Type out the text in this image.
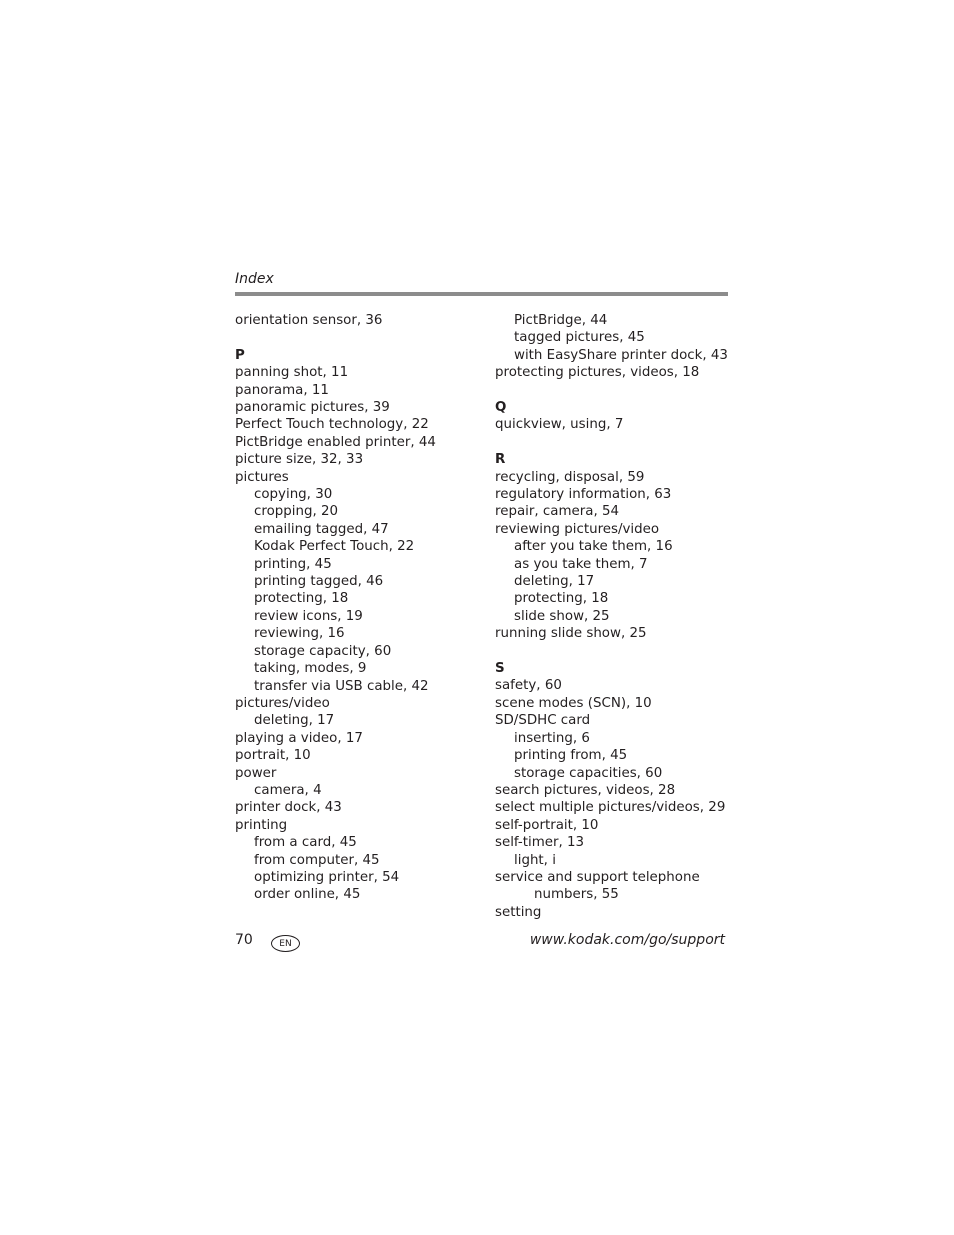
Index
orientation sensor, 36
P
panning shot, 11
panorama, 11
panoramic pictures, 39
Perfect Touch technology, 22
PictBridge enabled printer, 44
picture size, 32, 33
pictures
copying, 30
cropping, 20
emailing tagged, 47
Kodak Perfect Touch, 22
printing, 45
printing tagged, 46
protecting, 18
review icons, 19
reviewing, 16
storage capacity, 60
taking, modes, 9
transfer via USB cable, 42
pictures/video
deleting, 17
playing a video, 17
portrait, 10
power
camera, 4
printer dock, 43
printing
from a card, 45
from computer, 45
optimizing printer, 54
order online, 45
PictBridge, 44
tagged pictures, 45
with EasyShare printer dock, 43
protecting pictures, videos, 18
Q
quickview, using, 7
R
recycling, disposal, 59
regulatory information, 63
repair, camera, 54
reviewing pictures/video
after you take them, 16
as you take them, 7
deleting, 17
protecting, 18
slide show, 25
running slide show, 25
S
safety, 60
scene modes (SCN), 10
SD/SDHC card
inserting, 6
printing from, 45
storage capacities, 60
search pictures, videos, 28
select multiple pictures/videos, 29
self-portrait, 10
self-timer, 13
light, i
service and support telephone
numbers, 55
setting
70	EN	www.kodak.com/go/support
